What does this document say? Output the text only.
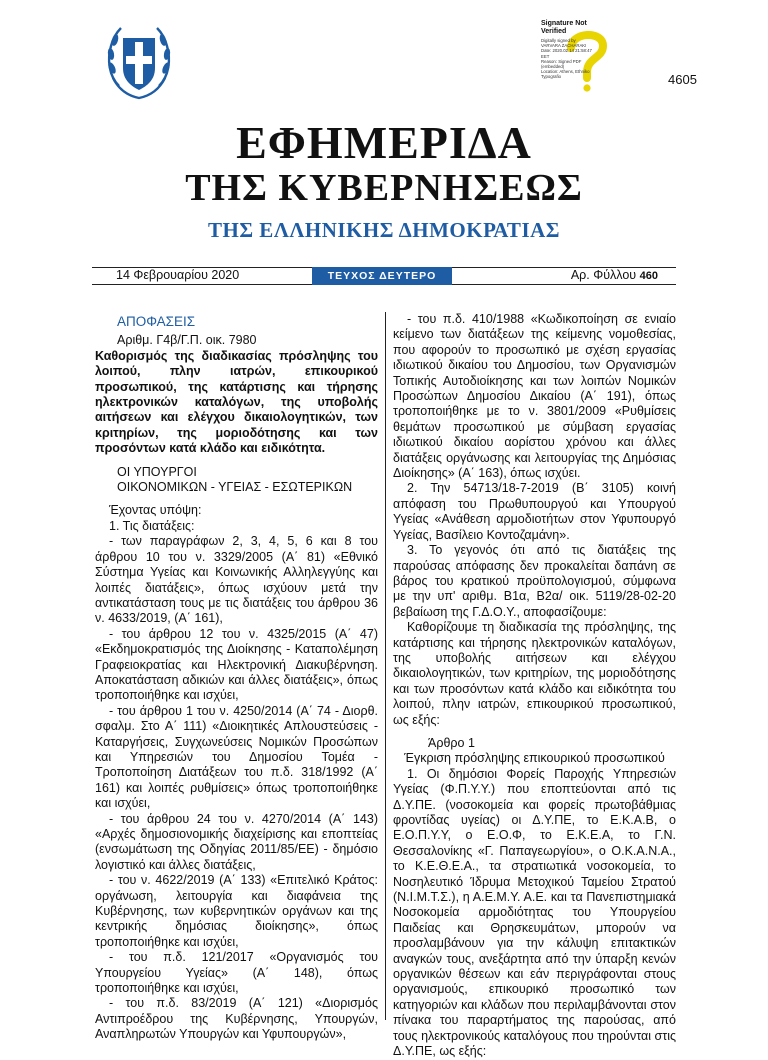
Signature Not Verified
Digitally signed by
VARVARA ZACHARAKI
Date: 2020.02.14 21:58:47
EET
Reason: Signed PDF
(embedded)
Location: Athens, Ethniko
Typografio	4605
ΕΦΗΜΕΡΙΔΑ
ΤΗΣ ΚΥΒΕΡΝΗΣΕΩΣ
ΤΗΣ ΕΛΛΗΝΙΚΗΣ ΔΗΜΟΚΡΑΤΙΑΣ
14 Φεβρουαρίου 2020	ΤΕΥΧΟΣ ΔΕΥΤΕΡΟ	Αρ. Φύλλου 460
ΑΠΟΦΑΣΕΙΣ
Αριθμ. Γ4β/Γ.Π. οικ. 7980

Καθορισμός της διαδικασίας πρόσληψης του λοιπού, πλην ιατρών, επικουρικού προσωπικού, της κατάρτισης και τήρησης ηλεκτρονικών καταλόγων, της υποβολής αιτήσεων και ελέγχου δικαιολογητικών, των κριτηρίων, της μοριοδότησης και των προσόντων κατά κλάδο και ειδικότητα.

ΟΙ ΥΠΟΥΡΓΟΙ
ΟΙΚΟΝΟΜΙΚΩΝ - ΥΓΕΙΑΣ - ΕΣΩΤΕΡΙΚΩΝ

Έχοντας υπόψη:

1. Τις διατάξεις:

- των παραγράφων 2, 3, 4, 5, 6 και 8 του άρθρου 10 του ν. 3329/2005 (Α΄ 81) «Εθνικό Σύστημα Υγείας και Κοινωνικής Αλληλεγγύης και λοιπές διατάξεις», όπως ισχύουν μετά την αντικατάσταση τους με τις διατάξεις του άρθρου 36 ν. 4633/2019, (Α΄ 161),

- του άρθρου 12 του ν. 4325/2015 (Α΄ 47) «Εκδημοκρατισμός της Διοίκησης - Καταπολέμηση Γραφειοκρατίας και Ηλεκτρονική Διακυβέρνηση. Αποκατάσταση αδικιών και άλλες διατάξεις», όπως τροποποιήθηκε και ισχύει,

- του άρθρου 1 του ν. 4250/2014 (Α΄ 74 - Διορθ. σφαλμ. Στο Α΄ 111) «Διοικητικές Απλουστεύσεις - Καταργήσεις, Συγχωνεύσεις Νομικών Προσώπων και Υπηρεσιών του Δημοσίου Τομέα - Τροποποίηση Διατάξεων του π.δ. 318/1992 (Α΄ 161) και λοιπές ρυθμίσεις» όπως τροποποιήθηκε και ισχύει,

- του άρθρου 24 του ν. 4270/2014 (Α΄ 143) «Αρχές δημοσιονομικής διαχείρισης και εποπτείας (ενσωμάτωση της Οδηγίας 2011/85/ΕΕ) - δημόσιο λογιστικό και άλλες διατάξεις,

- του ν. 4622/2019 (Α΄ 133) «Επιτελικό Κράτος: οργάνωση, λειτουργία και διαφάνεια της Κυβέρνησης, των κυβερνητικών οργάνων και της κεντρικής δημόσιας διοίκησης», όπως τροποποιήθηκε και ισχύει,

- του π.δ. 121/2017 «Οργανισμός του Υπουργείου Υγείας» (Α΄ 148), όπως τροποποιήθηκε και ισχύει,

- του π.δ. 83/2019 (Α΄ 121) «Διορισμός Αντιπροέδρου της Κυβέρνησης, Υπουργών, Αναπληρωτών Υπουργών και Υφυπουργών»,

- του π.δ. 410/1988 «Κωδικοποίηση σε ενιαίο κείμενο των διατάξεων της κείμενης νομοθεσίας, που αφορούν το προσωπικό με σχέση εργασίας ιδιωτικού δικαίου του Δημοσίου, των Οργανισμών Τοπικής Αυτοδιοίκησης και των λοιπών Νομικών Προσώπων Δημοσίου Δικαίου (Α΄ 191), όπως τροποποιήθηκε με το ν. 3801/2009 «Ρυθμίσεις θεμάτων προσωπικού με σύμβαση εργασίας ιδιωτικού δικαίου αορίστου χρόνου και άλλες διατάξεις οργάνωσης και λειτουργίας της Δημόσιας Διοίκησης» (Α΄ 163), όπως ισχύει.

2. Την 54713/18-7-2019 (Β΄ 3105) κοινή απόφαση του Πρωθυπουργού και Υπουργού Υγείας «Ανάθεση αρμοδιοτήτων στον Υφυπουργό Υγείας, Βασίλειο Κοντοζαμάνη».

3. Το γεγονός ότι από τις διατάξεις της παρούσας απόφασης δεν προκαλείται δαπάνη σε βάρος του κρατικού προϋπολογισμού, σύμφωνα με την υπ' αριθμ. Β1α, Β2α/ οικ. 5119/28-02-20 βεβαίωση της Γ.Δ.Ο.Υ., αποφασίζουμε:

Καθορίζουμε τη διαδικασία της πρόσληψης, της κατάρτισης και τήρησης ηλεκτρονικών καταλόγων, της υποβολής αιτήσεων και ελέγχου δικαιολογητικών, των κριτηρίων, της μοριοδότησης και των προσόντων κατά κλάδο και ειδικότητα του λοιπού, πλην ιατρών, επικουρικού προσωπικού, ως εξής:

Άρθρο 1
Έγκριση πρόσληψης επικουρικού προσωπικού

1. Οι δημόσιοι Φορείς Παροχής Υπηρεσιών Υγείας (Φ.Π.Υ.Υ.) που εποπτεύονται από τις Δ.Υ.ΠΕ. (νοσοκομεία και φορείς πρωτοβάθμιας φροντίδας υγείας) οι Δ.Υ.ΠΕ, το Ε.Κ.Α.Β, ο Ε.Ο.Π.Υ.Υ, ο Ε.Ο.Φ, το Ε.Κ.Ε.Α, το Γ.Ν. Θεσσαλονίκης «Γ. Παπαγεωργίου», ο Ο.Κ.Α.Ν.Α., το Κ.Ε.Θ.Ε.Α., τα στρατιωτικά νοσοκομεία, το Νοσηλευτικό Ίδρυμα Μετοχικού Ταμείου Στρατού (Ν.Ι.Μ.Τ.Σ.), η Α.Ε.Μ.Υ. Α.Ε. και τα Πανεπιστημιακά Νοσοκομεία αρμοδιότητας του Υπουργείου Παιδείας και Θρησκευμάτων, μπορούν να προσλαμβάνουν για την κάλυψη επιτακτικών αναγκών τους, ανεξάρτητα από την ύπαρξη κενών οργανικών θέσεων και εάν περιγράφονται στους οργανισμούς, επικουρικό προσωπικό των κατηγοριών και κλάδων που περιλαμβάνονται στον πίνακα του παραρτήματος της παρούσας, από τους ηλεκτρονικούς καταλόγους που τηρούνται στις Δ.Υ.ΠΕ, ως εξής:
